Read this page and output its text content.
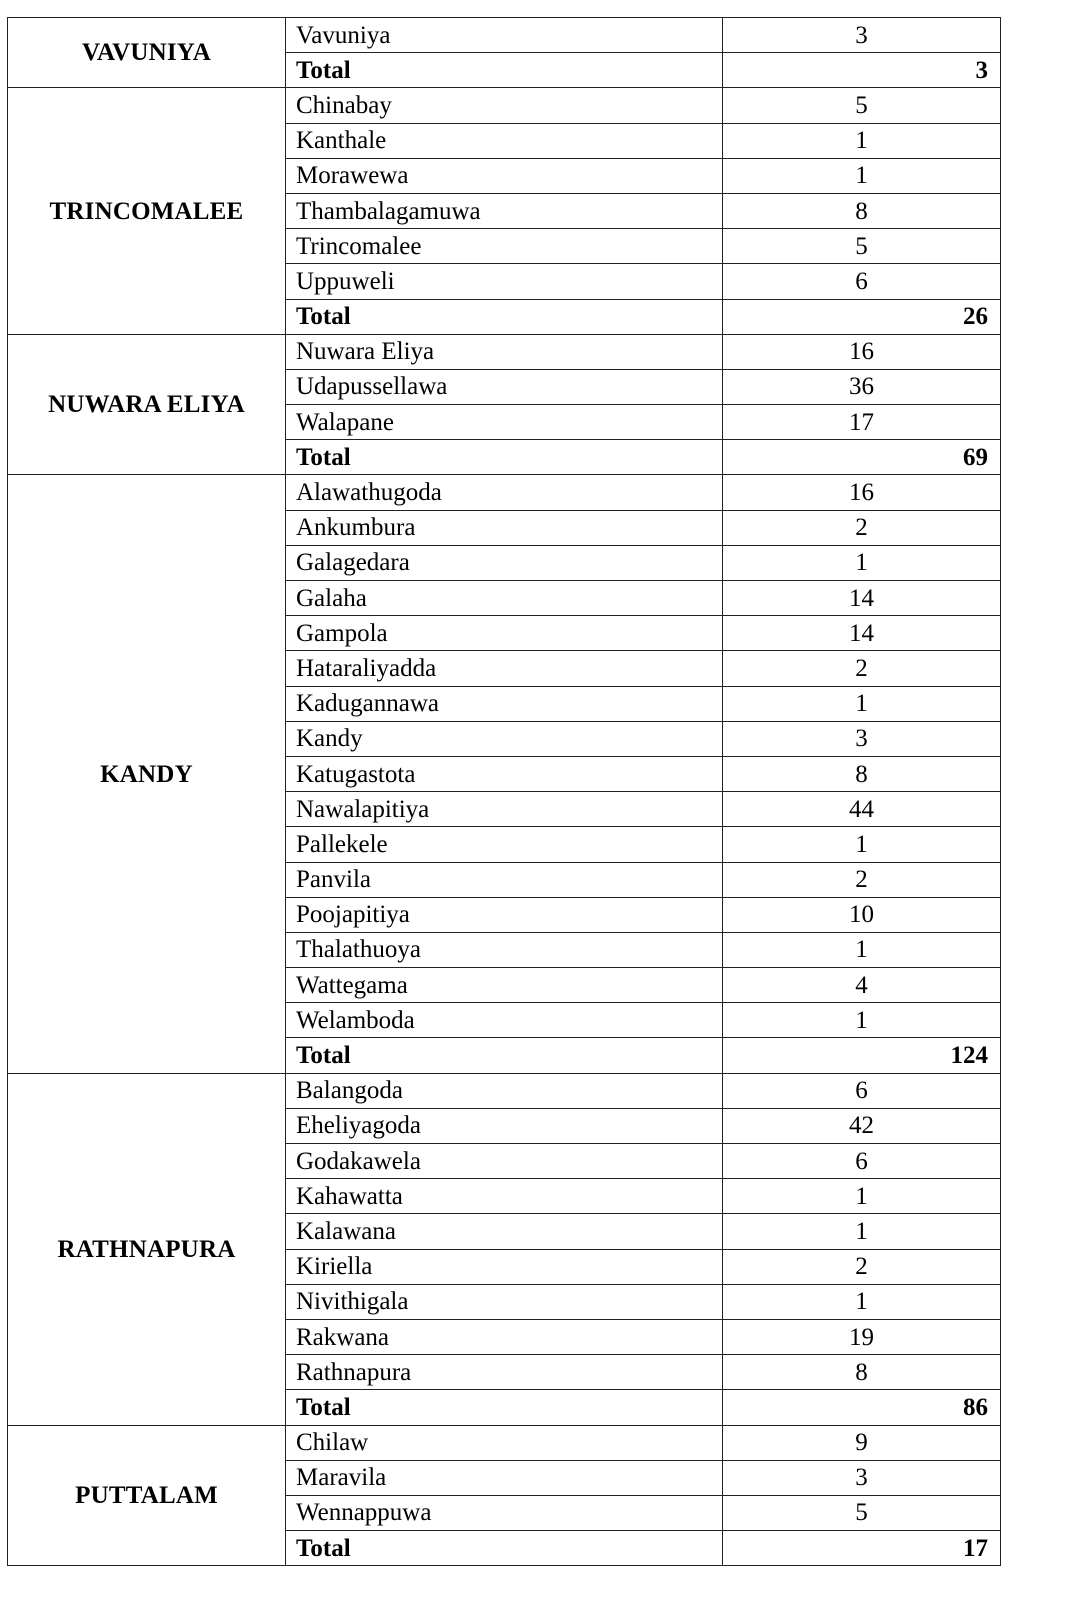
VAVUNIYA	Vavuniya	3
	Total	3
TRINCOMALEE	Chinabay	5
	Kanthale	1
	Morawewa	1
	Thambalagamuwa	8
	Trincomalee	5
	Uppuweli	6
	Total	26
NUWARA ELIYA	Nuwara Eliya	16
	Udapussellawa	36
	Walapane	17
	Total	69
KANDY	Alawathugoda	16
	Ankumbura	2
	Galagedara	1
	Galaha	14
	Gampola	14
	Hataraliyadda	2
	Kadugannawa	1
	Kandy	3
	Katugastota	8
	Nawalapitiya	44
	Pallekele	1
	Panvila	2
	Poojapitiya	10
	Thalathuoya	1
	Wattegama	4
	Welamboda	1
	Total	124
RATHNAPURA	Balangoda	6
	Eheliyagoda	42
	Godakawela	6
	Kahawatta	1
	Kalawana	1
	Kiriella	2
	Nivithigala	1
	Rakwana	19
	Rathnapura	8
	Total	86
PUTTALAM	Chilaw	9
	Maravila	3
	Wennappuwa	5
	Total	17
